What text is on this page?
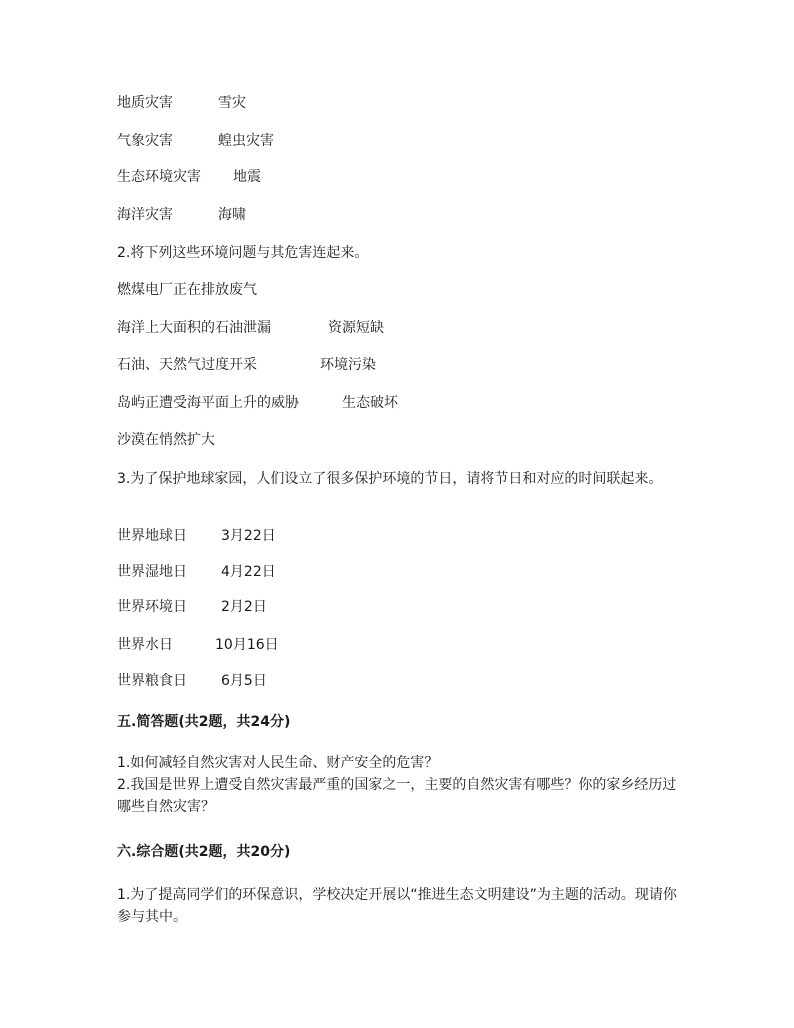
地质灾害	雪灾
气象灾害	蝗虫灾害
生态环境灾害 地震
海洋灾害	海啸
2.将下列这些环境问题与其危害连起来。
燃煤电厂正在排放废气
海洋上大面积的石油泄漏	资源短缺
石油、天然气过度开采	环境污染
岛屿正遭受海平面上升的威胁	生态破坏
沙漠在悄然扩大
3.为了保护地球家园，人们设立了很多保护环境的节日，请将节日和对应的时间联起来。
世界地球日 3月22日
世界湿地日 4月22日
世界环境日 2月2日
世界水日	10月16日
世界粮食日 6月5日
五.简答题(共2题，共24分)
1.如何减轻自然灾害对人民生命、财产安全的危害？
2.我国是世界上遭受自然灾害最严重的国家之一，主要的自然灾害有哪些？你的家乡经历过哪些自然灾害？
六.综合题(共2题，共20分)
1.为了提高同学们的环保意识，学校决定开展以“推进生态文明建设”为主题的活动。现请你参与其中。
